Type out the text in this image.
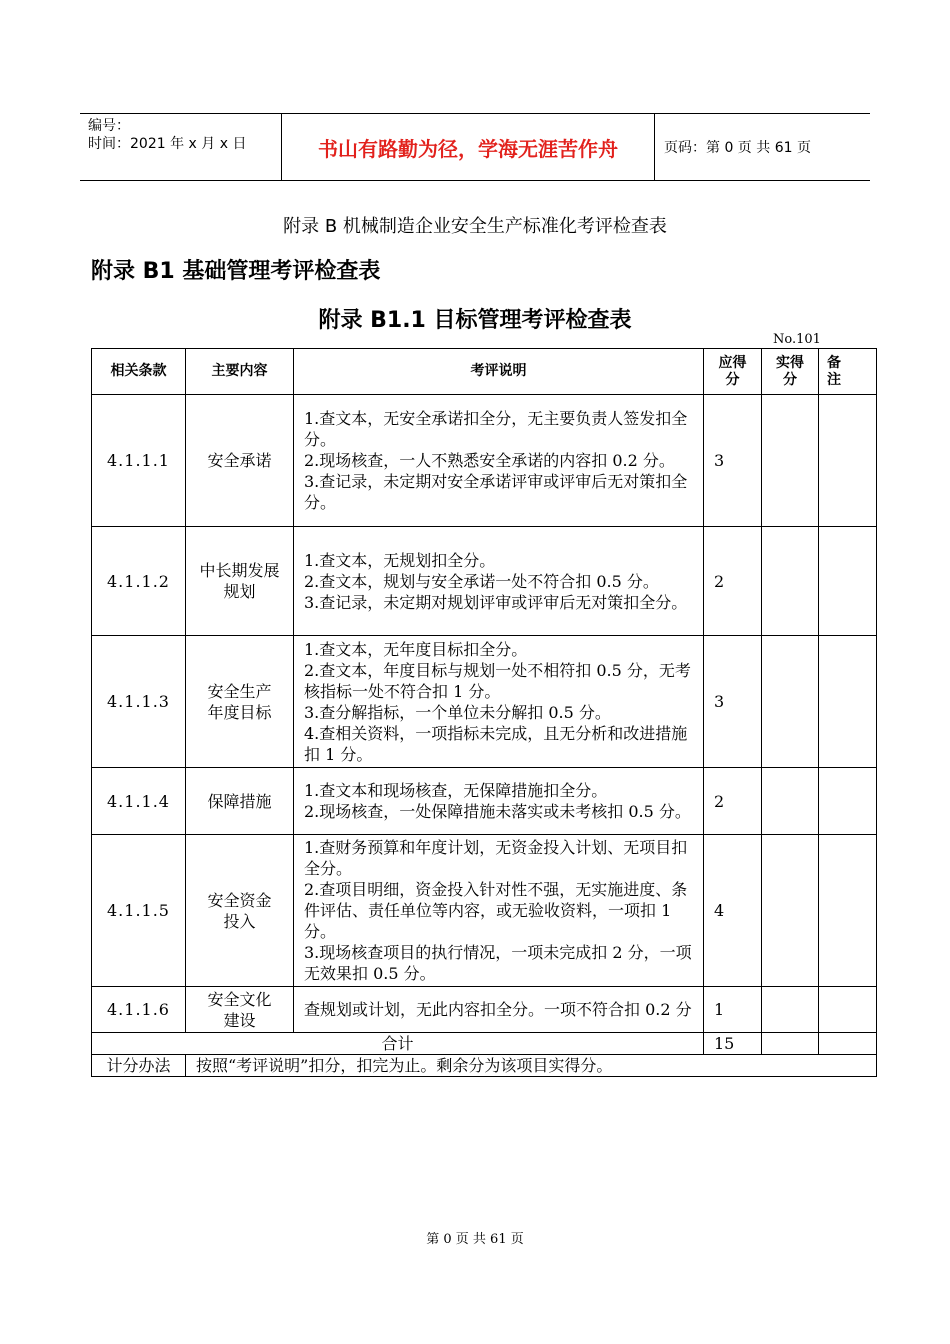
编号：
时间：2021 年 x 月 x 日	书山有路勤为径，学海无涯苦作舟	页码：第 0 页 共 61 页
附录 B 机械制造企业安全生产标准化考评检查表
附录 B1 基础管理考评检查表
附录 B1.1 目标管理考评检查表
No.101
相关条款	主要内容	考评说明	应得分	实得分	备注
4.1.1.1	安全承诺	1.查文本，无安全承诺扣全分，无主要负责人签发扣全分。
2.现场核查，一人不熟悉安全承诺的内容扣 0.2 分。
3.查记录，未定期对安全承诺评审或评审后无对策扣全分。	3		
4.1.1.2	中长期发展
规划	1.查文本，无规划扣全分。
2.查文本，规划与安全承诺一处不符合扣 0.5 分。
3.查记录，未定期对规划评审或评审后无对策扣全分。	2		
4.1.1.3	安全生产
年度目标	1.查文本，无年度目标扣全分。
2.查文本，年度目标与规划一处不相符扣 0.5 分，无考核指标一处不符合扣 1 分。
3.查分解指标，一个单位未分解扣 0.5 分。
4.查相关资料，一项指标未完成，且无分析和改进措施扣 1 分。	3		
4.1.1.4	保障措施	1.查文本和现场核查，无保障措施扣全分。
2.现场核查，一处保障措施未落实或未考核扣 0.5 分。	2		
4.1.1.5	安全资金
投入	1.查财务预算和年度计划，无资金投入计划、无项目扣全分。
2.查项目明细，资金投入针对性不强，无实施进度、条件评估、责任单位等内容，或无验收资料，一项扣 1 分。
3.现场核查项目的执行情况，一项未完成扣 2 分，一项无效果扣 0.5 分。	4		
4.1.1.6	安全文化
建设	查规划或计划，无此内容扣全分。一项不符合扣 0.2 分	1		
合计			15		
计分办法	按照“考评说明”扣分，扣完为止。剩余分为该项目实得分。				
第 0 页 共 61 页
